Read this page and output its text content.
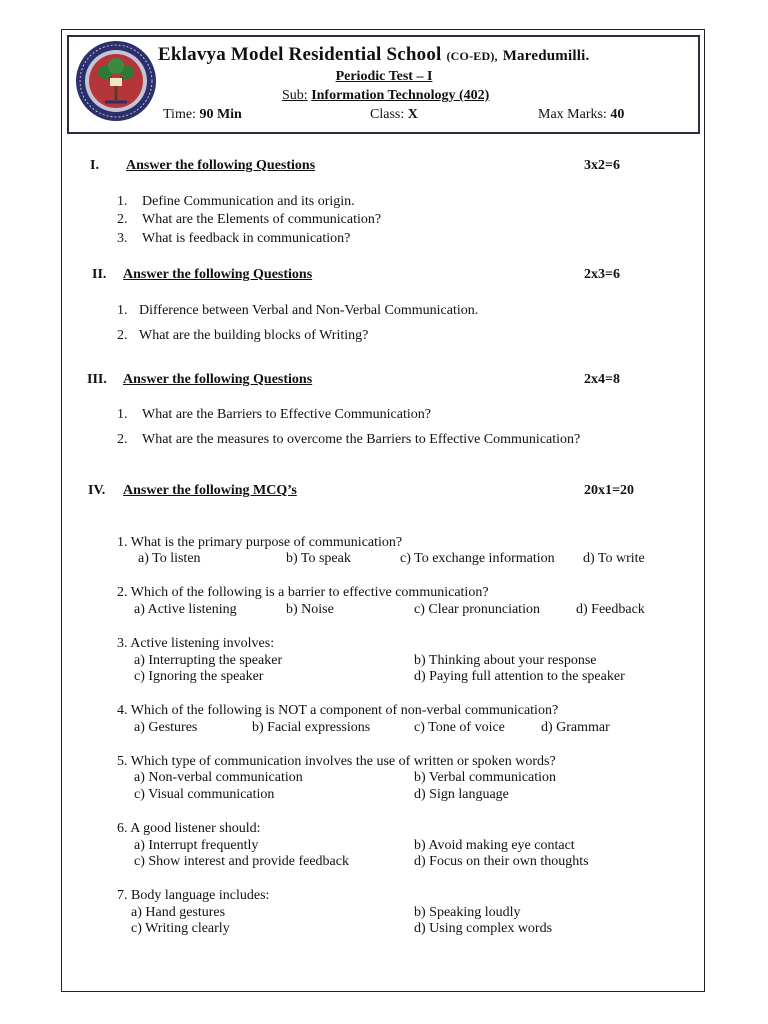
Eklavya Model Residential School (CO-ED), Maredumilli.
Periodic Test – I
Sub: Information Technology (402)
Time: 90 Min	Class: X	Max Marks: 40
I. Answer the following Questions	3x2=6
1. Define Communication and its origin.
2. What are the Elements of communication?
3. What is feedback in communication?
II. Answer the following Questions	2x3=6
1. Difference between Verbal and Non-Verbal Communication.
2. What are the building blocks of Writing?
III. Answer the following Questions	2x4=8
1. What are the Barriers to Effective Communication?
2. What are the measures to overcome the Barriers to Effective Communication?
IV. Answer the following MCQ’s	20x1=20
1. What is the primary purpose of communication?
a) To listen	b) To speak	c) To exchange information d) To write
2. Which of the following is a barrier to effective communication?
a) Active listening	b) Noise	c) Clear pronunciation	d) Feedback
3. Active listening involves:
a) Interrupting the speaker	b) Thinking about your response
c) Ignoring the speaker	d) Paying full attention to the speaker
4. Which of the following is NOT a component of non-verbal communication?
a) Gestures	b) Facial expressions	c) Tone of voice	d) Grammar
5. Which type of communication involves the use of written or spoken words?
a) Non-verbal communication	b) Verbal communication
c) Visual communication	d) Sign language
6. A good listener should:
a) Interrupt frequently	b) Avoid making eye contact
c) Show interest and provide feedback	d) Focus on their own thoughts
7. Body language includes:
a) Hand gestures	b) Speaking loudly
c) Writing clearly	d) Using complex words
